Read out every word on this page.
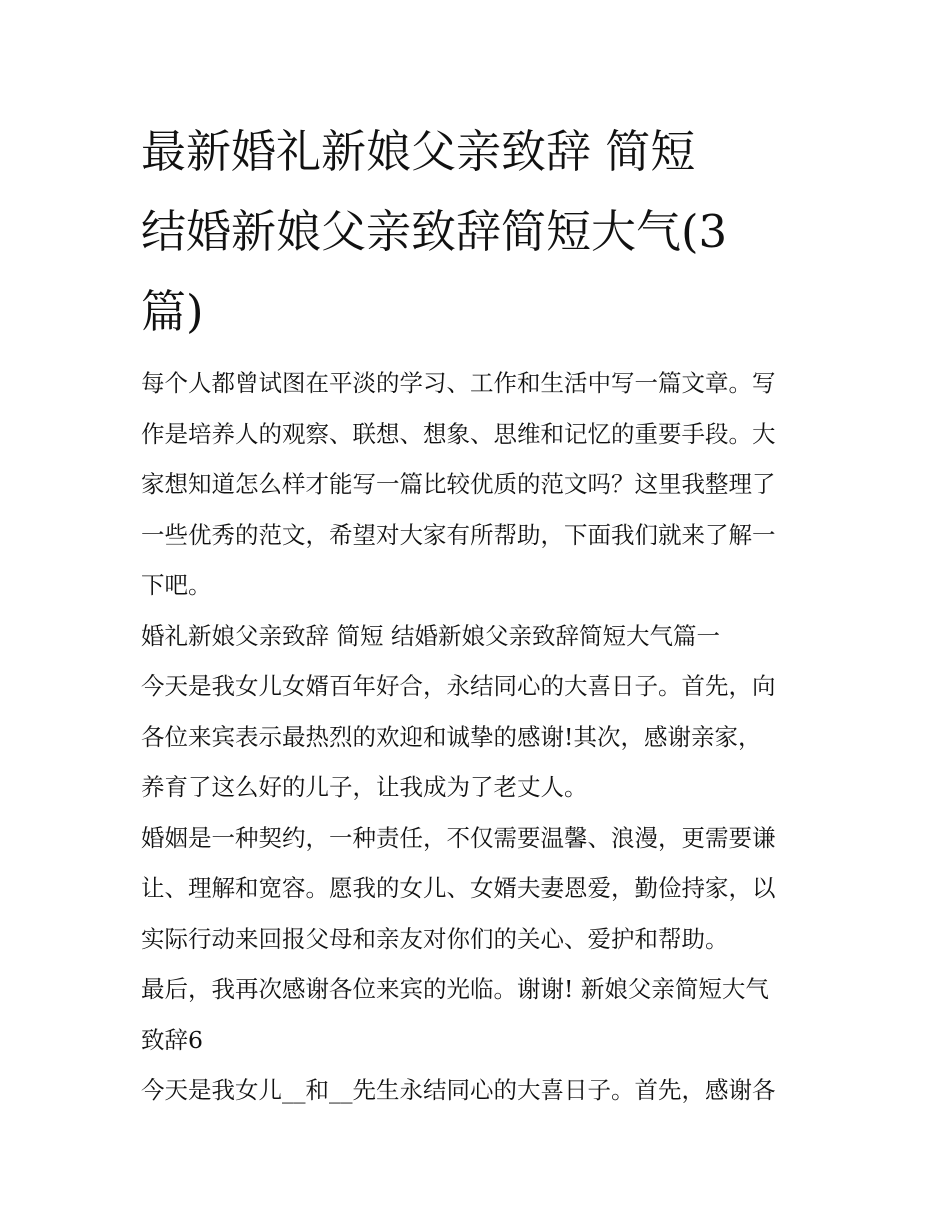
最新婚礼新娘父亲致辞 简短
结婚新娘父亲致辞简短大气(3
篇)
每个人都曾试图在平淡的学习、工作和生活中写一篇文章。写
作是培养人的观察、联想、想象、思维和记忆的重要手段。大
家想知道怎么样才能写一篇比较优质的范文吗？这里我整理了
一些优秀的范文，希望对大家有所帮助，下面我们就来了解一
下吧。
婚礼新娘父亲致辞 简短 结婚新娘父亲致辞简短大气篇一
今天是我女儿女婿百年好合，永结同心的大喜日子。首先，向
各位来宾表示最热烈的欢迎和诚挚的感谢!其次，感谢亲家，
养育了这么好的儿子，让我成为了老丈人。
婚姻是一种契约，一种责任，不仅需要温馨、浪漫，更需要谦
让、理解和宽容。愿我的女儿、女婿夫妻恩爱，勤俭持家，以
实际行动来回报父母和亲友对你们的关心、爱护和帮助。
最后，我再次感谢各位来宾的光临。谢谢! 新娘父亲简短大气
致辞6
今天是我女儿__和__先生永结同心的大喜日子。首先，感谢各
